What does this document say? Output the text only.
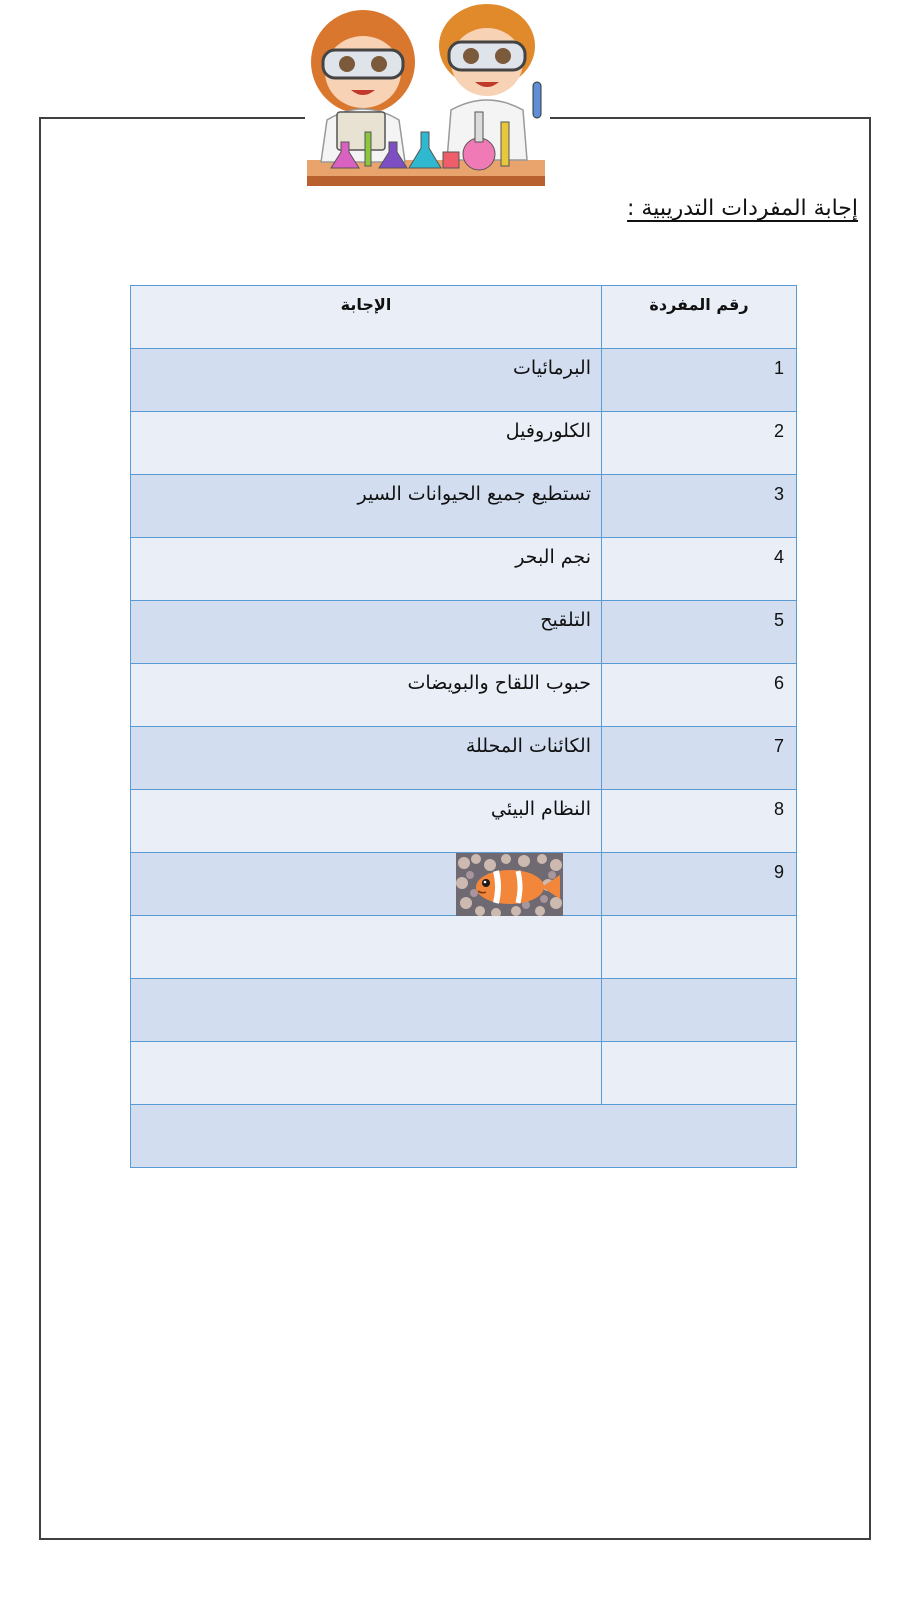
إجابة المفردات التدريبية :
رقم المفردة	الإجابة
1	البرمائيات
2	الكلوروفيل
3	تستطيع جميع الحيوانات السير
4	نجم البحر
5	التلقيح
6	حبوب اللقاح والبويضات
7	الكائنات المحللة
8	النظام البيئي
9	
